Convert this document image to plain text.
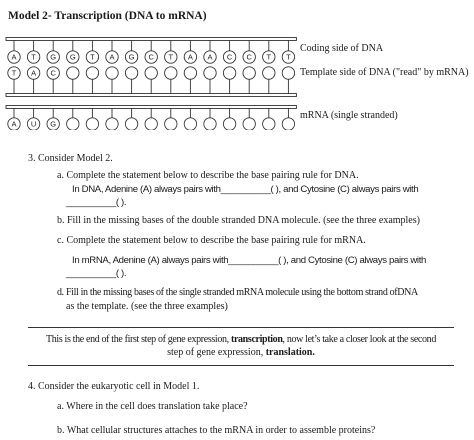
Model 2- Transcription (DNA to mRNA)
A
T
A
T
A
U
G
C
G
G T A G C T A A C C T T
Coding side of DNA
Template side of DNA ("read" by mRNA)
mRNA (single stranded)
3. Consider Model 2.
a. Complete the statement below to describe the base pairing rule for DNA.
In DNA, Adenine (A) always pairs with__________( ), and Cytosine (C) always pairs with
__________( ).
b. Fill in the missing bases of the double stranded DNA molecule. (see the three examples)
c. Complete the statement below to describe the base pairing rule for mRNA.
In mRNA, Adenine (A) always pairs with__________( ), and Cytosine (C) always pairs with
__________( ).
d. Fill in the missing bases of the single stranded mRNA molecule using the bottom strand ofDNA
as the template. (see the three examples)
This is the end of the first step of gene expression, transcription, now let’s take a closer look at the second
step of gene expression, translation.
4. Consider the eukaryotic cell in Model 1.
a. Where in the cell does translation take place?
b. What cellular structures attaches to the mRNA in order to assemble proteins?
